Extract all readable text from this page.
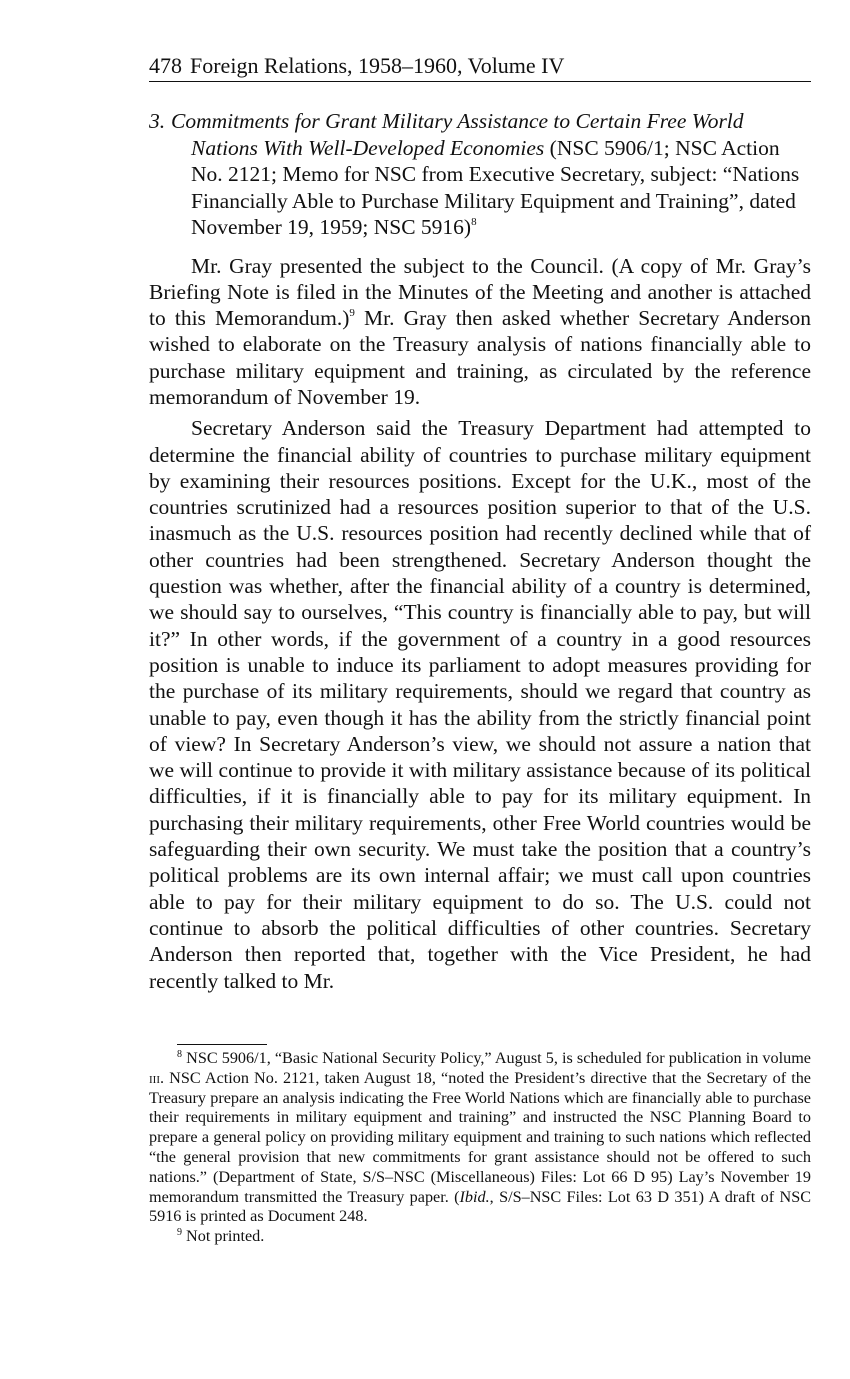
478 Foreign Relations, 1958–1960, Volume IV
3. Commitments for Grant Military Assistance to Certain Free World Nations With Well-Developed Economies (NSC 5906/1; NSC Action No. 2121; Memo for NSC from Executive Secretary, subject: “Nations Financially Able to Purchase Military Equipment and Training”, dated November 19, 1959; NSC 5916)$^8$

Mr. Gray presented the subject to the Council. (A copy of Mr. Gray’s Briefing Note is filed in the Minutes of the Meeting and another is attached to this Memorandum.)$^9$ Mr. Gray then asked whether Secretary Anderson wished to elaborate on the Treasury analysis of nations financially able to purchase military equipment and training, as circulated by the reference memorandum of November 19.

Secretary Anderson said the Treasury Department had attempted to determine the financial ability of countries to purchase military equipment by examining their resources positions. Except for the U.K., most of the countries scrutinized had a resources position superior to that of the U.S. inasmuch as the U.S. resources position had recently declined while that of other countries had been strengthened. Secretary Anderson thought the question was whether, after the financial ability of a country is determined, we should say to ourselves, “This country is financially able to pay, but will it?” In other words, if the government of a country in a good resources position is unable to induce its parliament to adopt measures providing for the purchase of its military requirements, should we regard that country as unable to pay, even though it has the ability from the strictly financial point of view? In Secretary Anderson’s view, we should not assure a nation that we will continue to provide it with military assistance because of its political difficulties, if it is financially able to pay for its military equipment. In purchasing their military requirements, other Free World countries would be safeguarding their own security. We must take the position that a country’s political problems are its own internal affair; we must call upon countries able to pay for their military equipment to do so. The U.S. could not continue to absorb the political difficulties of other countries. Secretary Anderson then reported that, together with the Vice President, he had recently talked to Mr.

$^8$ NSC 5906/1, “Basic National Security Policy,” August 5, is scheduled for publication in volume iii. NSC Action No. 2121, taken August 18, “noted the President’s directive that the Secretary of the Treasury prepare an analysis indicating the Free World Nations which are financially able to purchase their requirements in military equipment and training” and instructed the NSC Planning Board to prepare a general policy on providing military equipment and training to such nations which reflected “the general provision that new commitments for grant assistance should not be offered to such nations.” (Department of State, S/S–NSC (Miscellaneous) Files: Lot 66 D 95) Lay’s November 19 memorandum transmitted the Treasury paper. (Ibid., S/S–NSC Files: Lot 63 D 351) A draft of NSC 5916 is printed as Document 248.

$^9$ Not printed.
